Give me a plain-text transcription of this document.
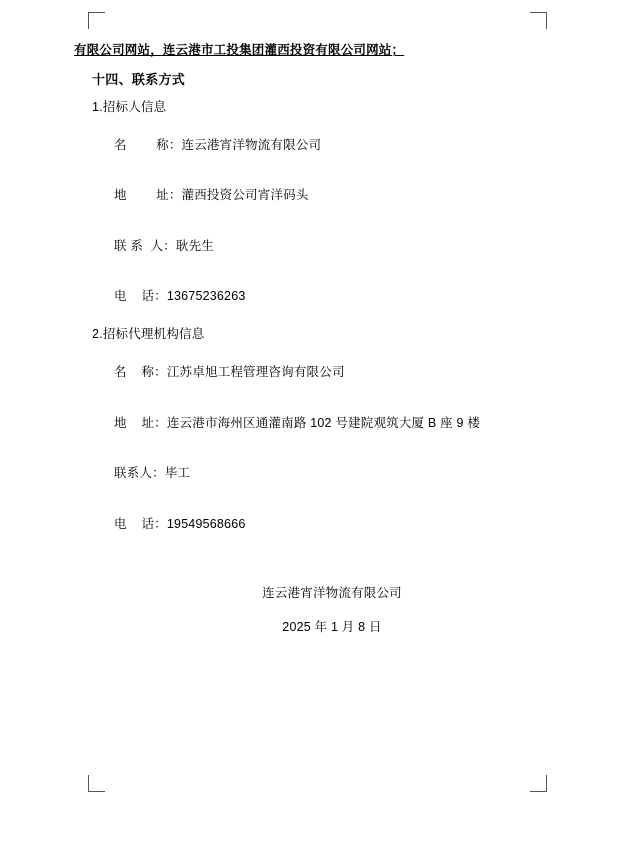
有限公司网站，连云港市工投集团灌西投资有限公司网站；
十四、联系方式
1.招标人信息

名        称：连云港宵洋物流有限公司

地        址：灌西投资公司宵洋码头

联 系  人：耿先生

电    话：13675236263

2.招标代理机构信息

名    称：江苏卓旭工程管理咨询有限公司

地    址：连云港市海州区通灌南路 102 号建院观筑大厦 B 座 9 楼

联系人：毕工

电    话：19549568666

连云港宵洋物流有限公司
2025 年 1 月 8 日
